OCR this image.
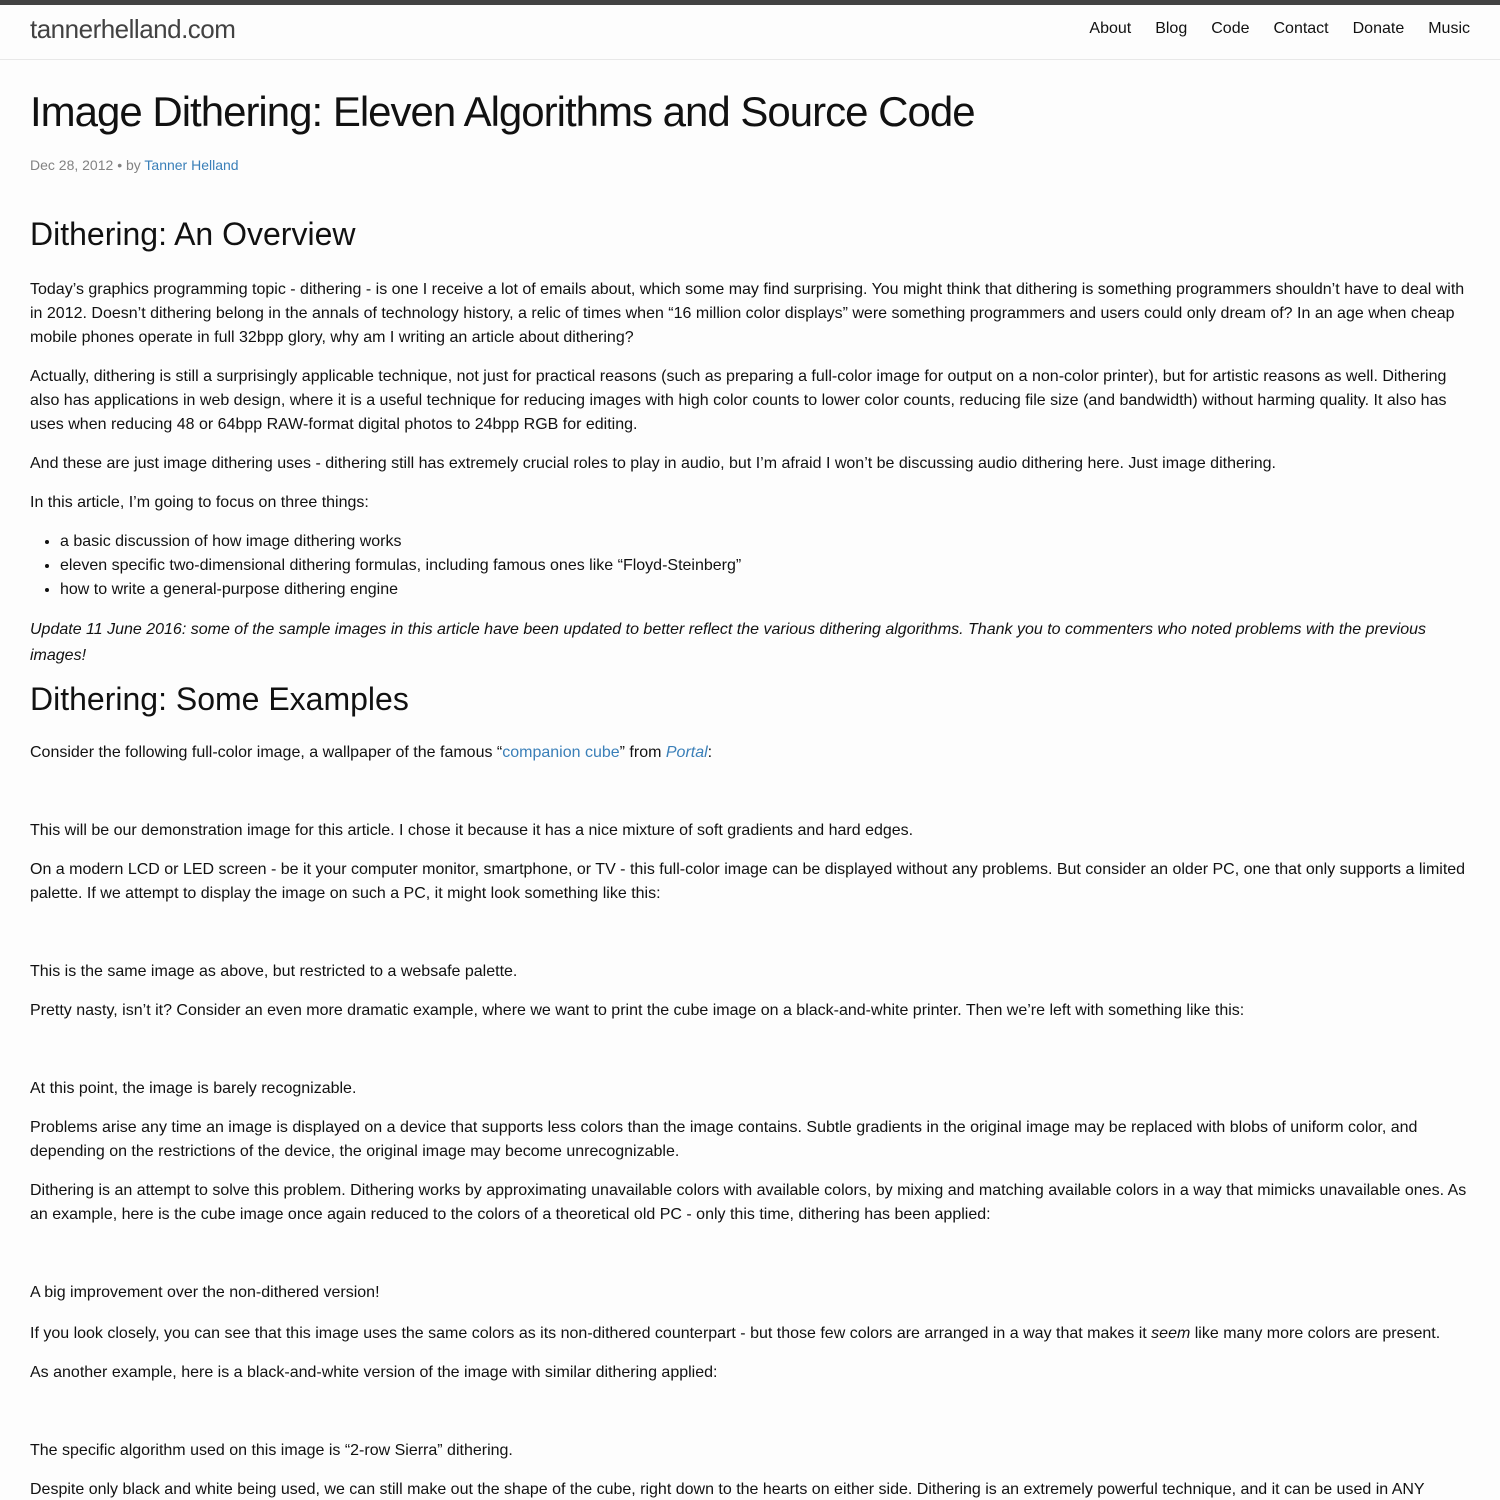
tannerhelland.com	About Blog Code Contact Donate Music
Image Dithering: Eleven Algorithms and Source Code
Dec 28, 2012 • by Tanner Helland
Dithering: An Overview

Today’s graphics programming topic - dithering - is one I receive a lot of emails about, which some may find surprising. You might think that dithering is something programmers shouldn’t have to deal with in 2012. Doesn’t dithering belong in the annals of technology history, a relic of times when “16 million color displays” were something programmers and users could only dream of? In an age when cheap mobile phones operate in full 32bpp glory, why am I writing an article about dithering?

Actually, dithering is still a surprisingly applicable technique, not just for practical reasons (such as preparing a full-color image for output on a non-color printer), but for artistic reasons as well. Dithering also has applications in web design, where it is a useful technique for reducing images with high color counts to lower color counts, reducing file size (and bandwidth) without harming quality. It also has uses when reducing 48 or 64bpp RAW-format digital photos to 24bpp RGB for editing.

And these are just image dithering uses - dithering still has extremely crucial roles to play in audio, but I’m afraid I won’t be discussing audio dithering here. Just image dithering.

In this article, I’m going to focus on three things:

• a basic discussion of how image dithering works
• eleven specific two-dimensional dithering formulas, including famous ones like “Floyd-Steinberg”
• how to write a general-purpose dithering engine

Update 11 June 2016: some of the sample images in this article have been updated to better reflect the various dithering algorithms. Thank you to commenters who noted problems with the previous images!

Dithering: Some Examples

Consider the following full-color image, a wallpaper of the famous “companion cube” from Portal:

This will be our demonstration image for this article. I chose it because it has a nice mixture of soft gradients and hard edges.

On a modern LCD or LED screen - be it your computer monitor, smartphone, or TV - this full-color image can be displayed without any problems. But consider an older PC, one that only supports a limited palette. If we attempt to display the image on such a PC, it might look something like this:

This is the same image as above, but restricted to a websafe palette.

Pretty nasty, isn’t it? Consider an even more dramatic example, where we want to print the cube image on a black-and-white printer. Then we’re left with something like this:

At this point, the image is barely recognizable.

Problems arise any time an image is displayed on a device that supports less colors than the image contains. Subtle gradients in the original image may be replaced with blobs of uniform color, and depending on the restrictions of the device, the original image may become unrecognizable.

Dithering is an attempt to solve this problem. Dithering works by approximating unavailable colors with available colors, by mixing and matching available colors in a way that mimicks unavailable ones. As an example, here is the cube image once again reduced to the colors of a theoretical old PC - only this time, dithering has been applied:

A big improvement over the non-dithered version!

If you look closely, you can see that this image uses the same colors as its non-dithered counterpart - but those few colors are arranged in a way that makes it seem like many more colors are present.

As another example, here is a black-and-white version of the image with similar dithering applied:

The specific algorithm used on this image is “2-row Sierra” dithering.

Despite only black and white being used, we can still make out the shape of the cube, right down to the hearts on either side. Dithering is an extremely powerful technique, and it can be used in ANY
